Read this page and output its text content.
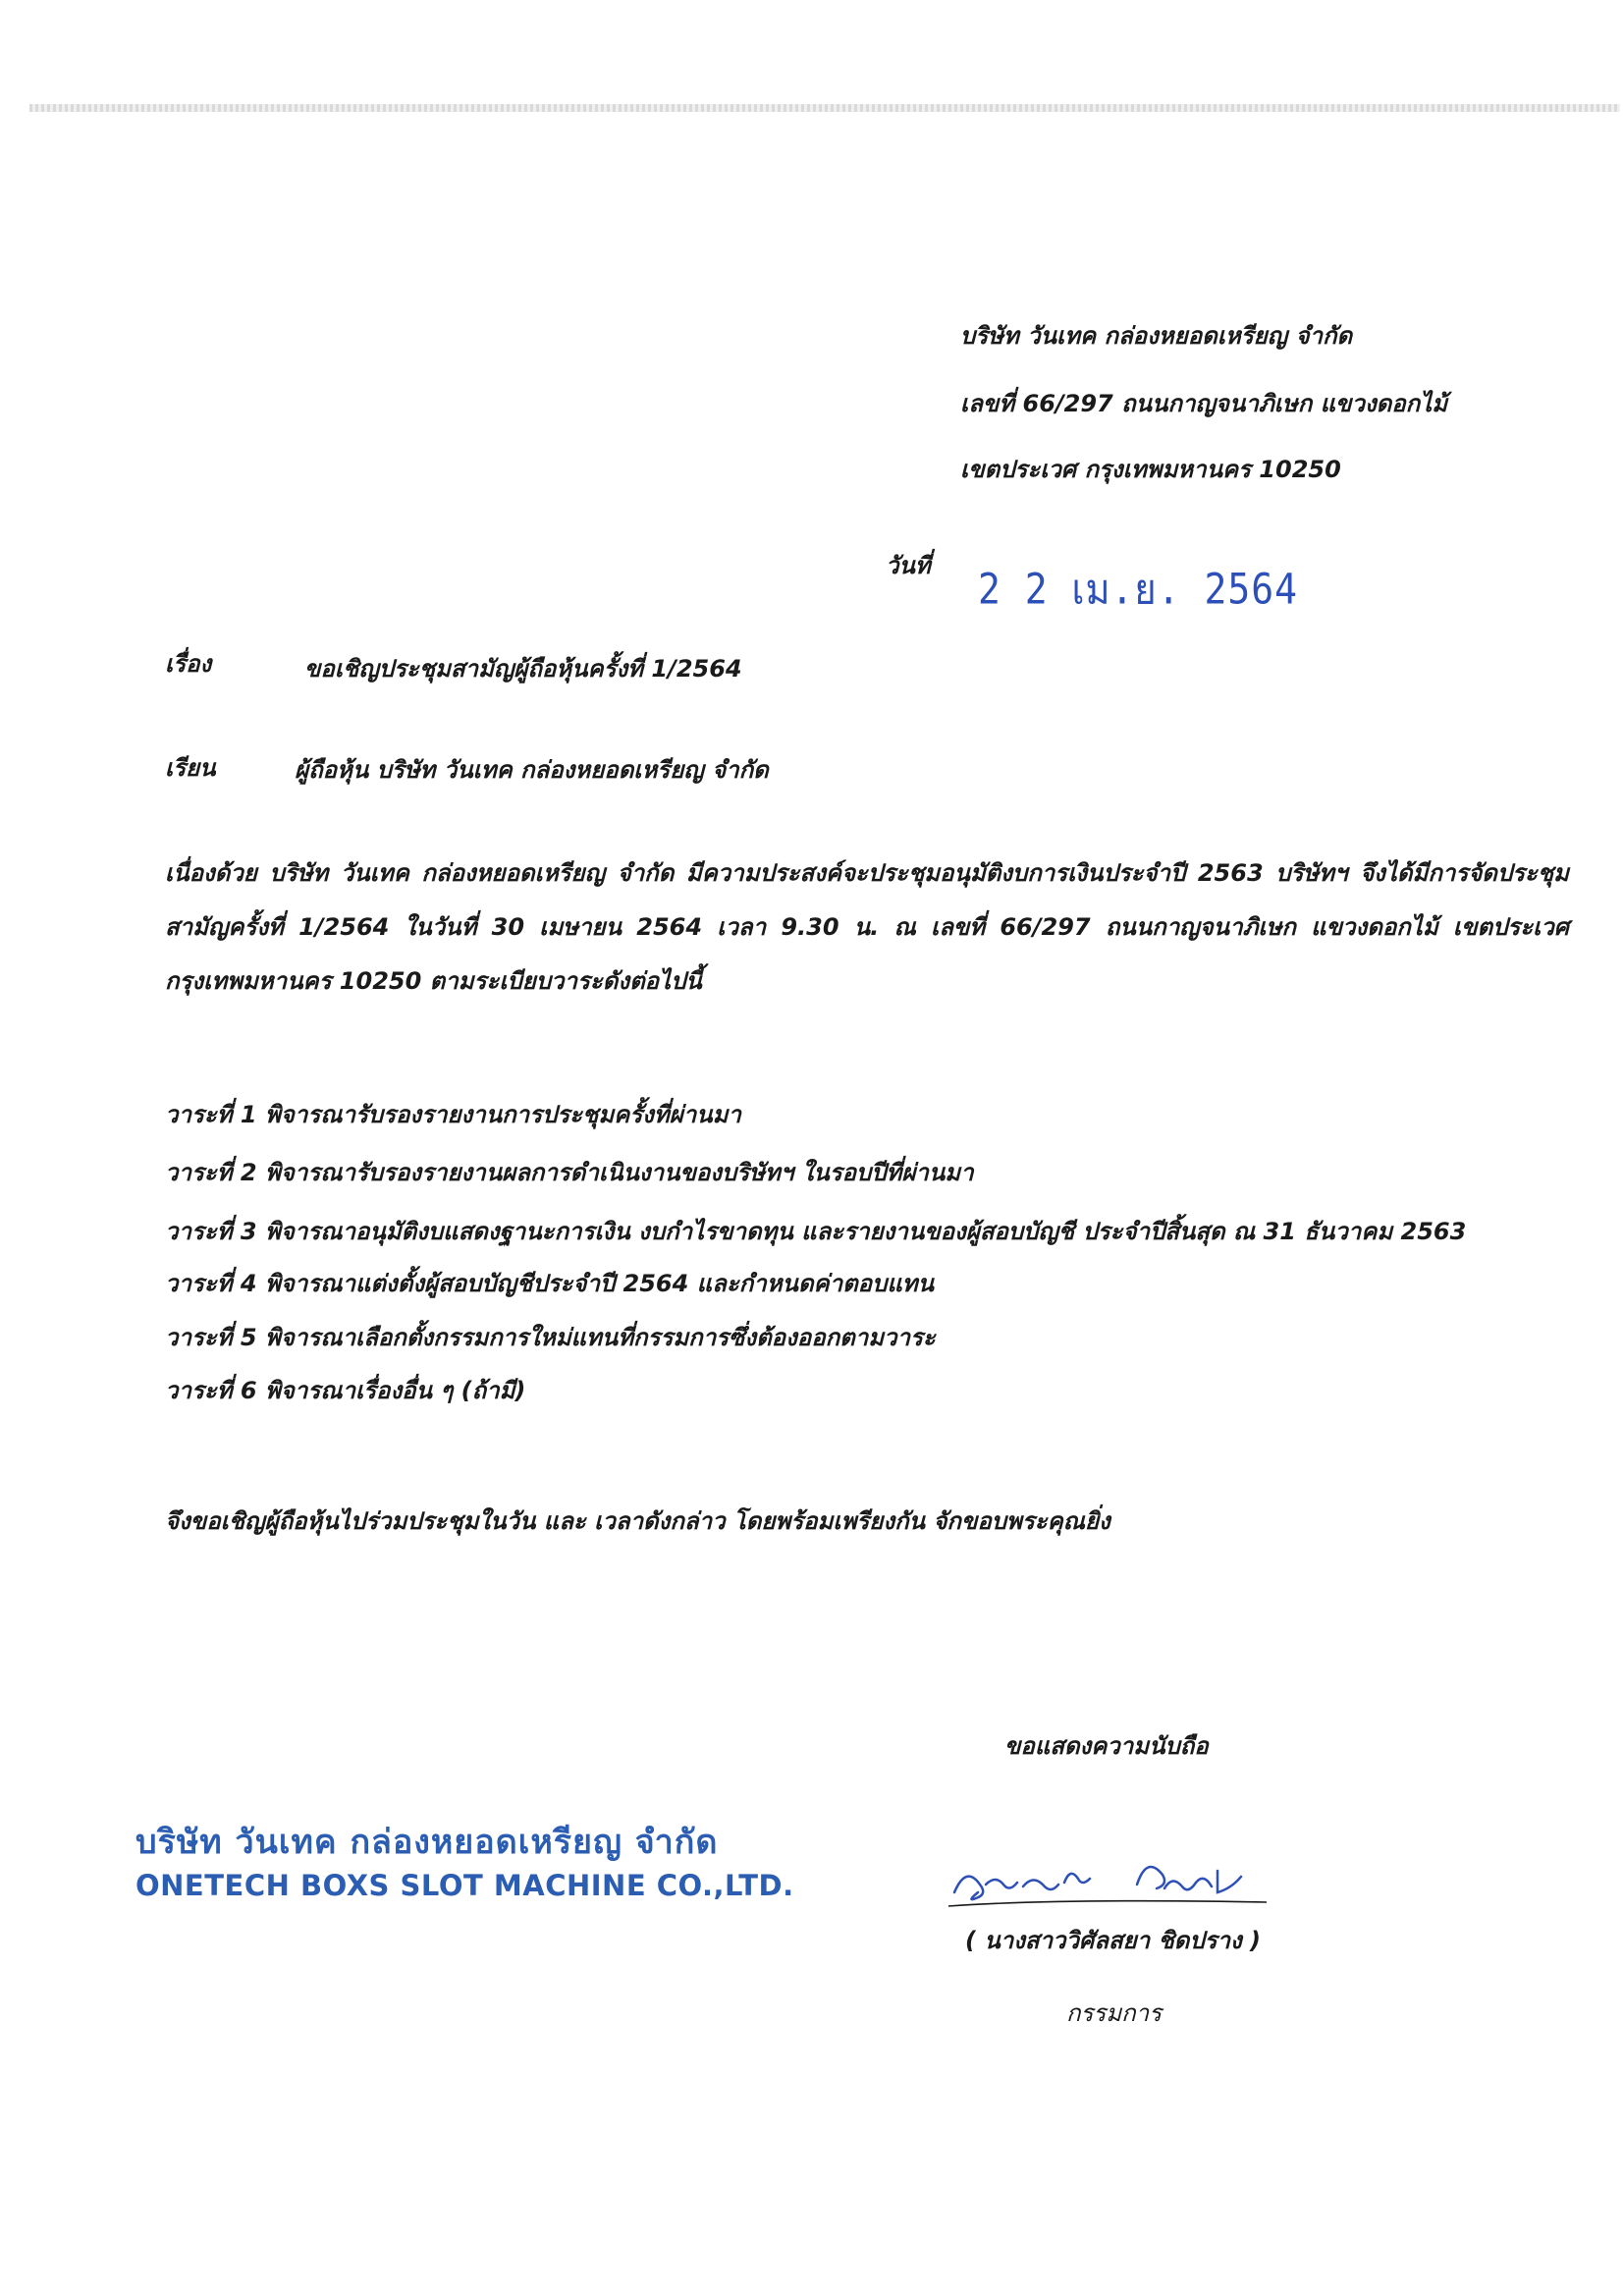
บริษัท วันเทค กล่องหยอดเหรียญ จำกัด
เลขที่ 66/297 ถนนกาญจนาภิเษก แขวงดอกไม้
เขตประเวศ กรุงเทพมหานคร 10250
วันที่ 2 2 เม.ย. 2564
เรื่อง	ขอเชิญประชุมสามัญผู้ถือหุ้นครั้งที่ 1/2564
เรียน	ผู้ถือหุ้น บริษัท วันเทค กล่องหยอดเหรียญ จำกัด
เนื่องด้วย บริษัท วันเทค กล่องหยอดเหรียญ จำกัด มีความประสงค์จะประชุมอนุมัติงบการเงินประจำปี 2563 บริษัทฯ จึงได้มีการจัดประชุมสามัญครั้งที่ 1/2564 ในวันที่ 30 เมษายน 2564 เวลา 9.30 น. ณ เลขที่ 66/297 ถนนกาญจนาภิเษก แขวงดอกไม้ เขตประเวศ กรุงเทพมหานคร 10250 ตามระเบียบวาระดังต่อไปนี้
วาระที่ 1 พิจารณารับรองรายงานการประชุมครั้งที่ผ่านมา
วาระที่ 2 พิจารณารับรองรายงานผลการดำเนินงานของบริษัทฯ ในรอบปีที่ผ่านมา
วาระที่ 3 พิจารณาอนุมัติงบแสดงฐานะการเงิน งบกำไรขาดทุน และรายงานของผู้สอบบัญชี ประจำปีสิ้นสุด ณ 31 ธันวาคม 2563
วาระที่ 4 พิจารณาแต่งตั้งผู้สอบบัญชีประจำปี 2564 และกำหนดค่าตอบแทน
วาระที่ 5 พิจารณาเลือกตั้งกรรมการใหม่แทนที่กรรมการซึ่งต้องออกตามวาระ
วาระที่ 6 พิจารณาเรื่องอื่น ๆ (ถ้ามี)
จึงขอเชิญผู้ถือหุ้นไปร่วมประชุมในวัน และ เวลาดังกล่าว โดยพร้อมเพรียงกัน จักขอบพระคุณยิ่ง
ขอแสดงความนับถือ
บริษัท วันเทค กล่องหยอดเหรียญ จำกัด
ONETECH BOXS SLOT MACHINE CO.,LTD.
( นางสาววิศัลสยา ชิดปราง )
กรรมการ
